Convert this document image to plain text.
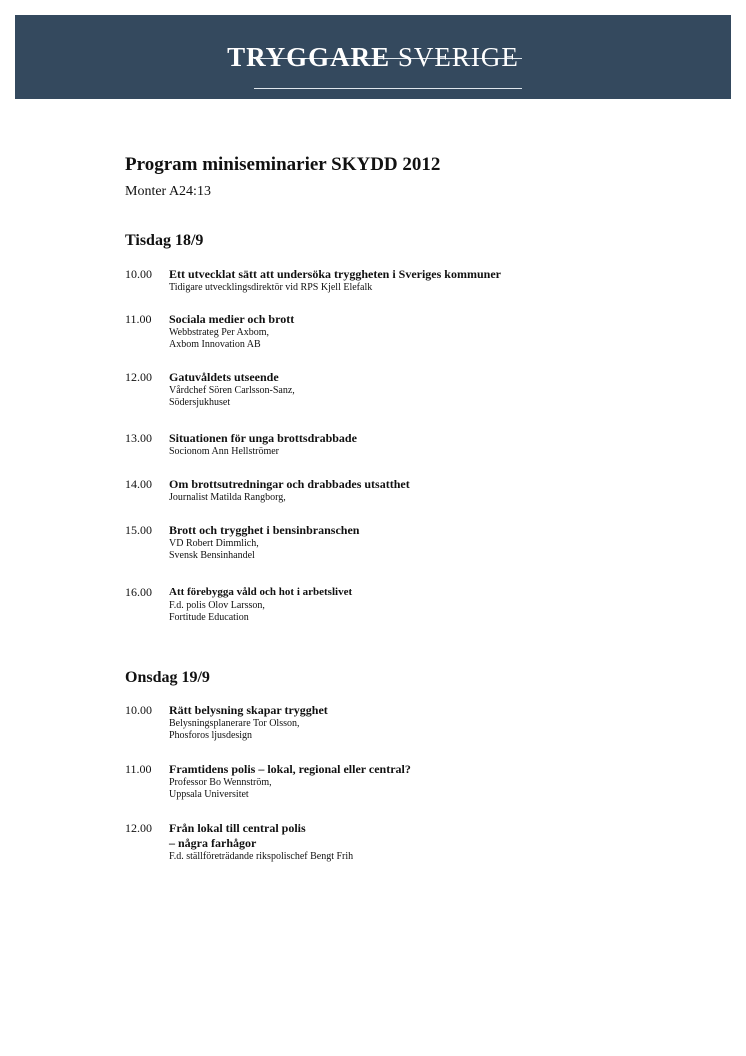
TRYGGARE SVERIGE
Program miniseminarier SKYDD 2012
Monter A24:13
Tisdag 18/9
10.00 Ett utvecklat sätt att undersöka tryggheten i Sveriges kommuner
Tidigare utvecklingsdirektör vid RPS Kjell Elefalk
11.00 Sociala medier och brott
Webbstrateg Per Axbom,
Axbom Innovation AB
12.00 Gatuvåldets utseende
Vårdchef Sören Carlsson-Sanz,
Södersjukhuset
13.00 Situationen för unga brottsdrabbade
Socionom Ann Hellströmer
14.00 Om brottsutredningar och drabbades utsatthet
Journalist Matilda Rangborg,
15.00 Brott och trygghet i bensinbranschen
VD Robert Dimmlich,
Svensk Bensinhandel
16.00 Att förebygga våld och hot i arbetslivet
F.d. polis Olov Larsson,
Fortitude Education
Onsdag 19/9
10.00 Rätt belysning skapar trygghet
Belysningsplanerare Tor Olsson,
Phosforos ljusdesign
11.00 Framtidens polis – lokal, regional eller central?
Professor Bo Wennström,
Uppsala Universitet
12.00 Från lokal till central polis
– några farhågor
F.d. ställföreträdande rikspolischef Bengt Frih
